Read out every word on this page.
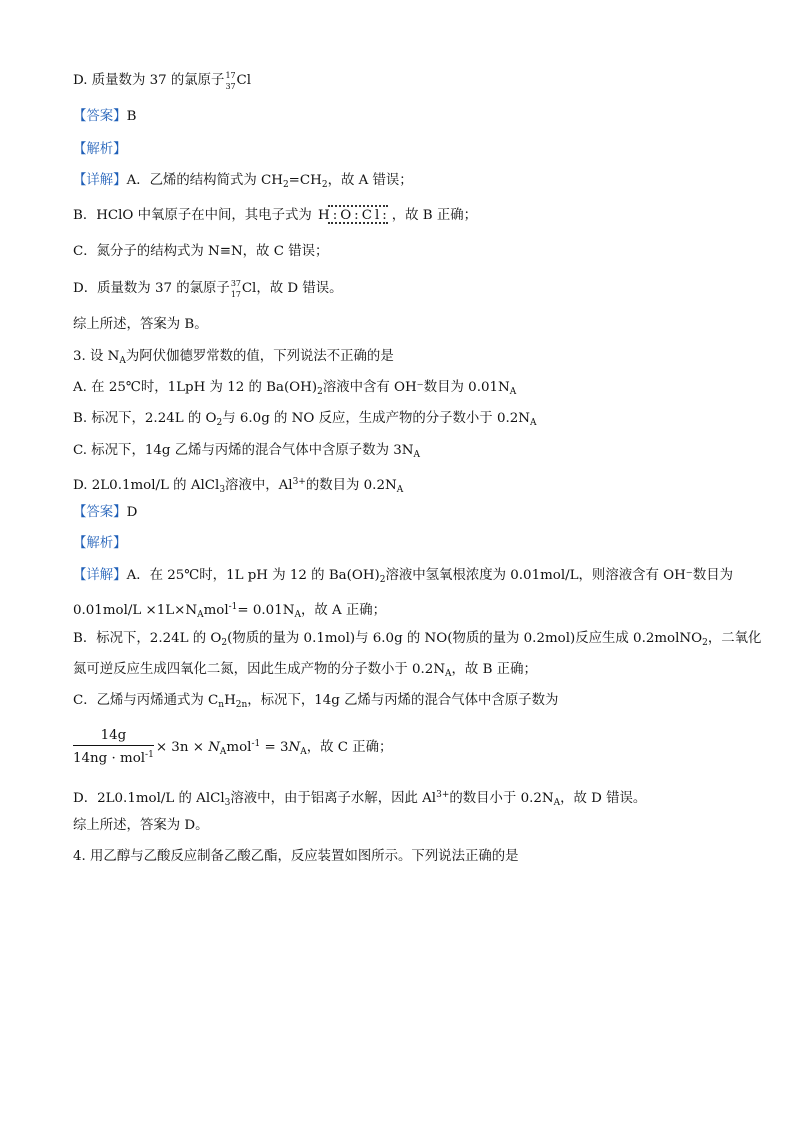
D. 质量数为 37 的氯原子 17
37 Cl
【答案】B
【解析】
【详解】A．乙烯的结构简式为 $CH_2=CH_2$，故 A 错误；
B．HClO 中氧原子在中间，其电子式为
H:O:Cl: ，故 B 正确；
C．氮分子的结构式为 N≡N，故 C 错误；
D．质量数为 37 的氯原子 37
17 Cl，故 D 错误。
综上所述，答案为 B。
3. 设 $N_A$为阿伏伽德罗常数的值，下列说法不正确的是
A. 在 25℃时，1LpH 为 12 的 $Ba(OH)_2$溶液中含有 OH⁻数目为 $0.01N_A$
B. 标况下，2.24L 的 $O_2$与 6.0g 的 NO 反应，生成产物的分子数小于 $0.2N_A$
C. 标况下，14g 乙烯与丙烯的混合气体中含原子数为 $3N_A$
D. 2L0.1mol/L 的 AlCl$_3$溶液中，$Al^{3+}$的数目为 $0.2N_A$
【答案】D
【解析】
【详解】A．在 25℃时，1L pH 为 12 的 $Ba(OH)_2$溶液中氢氧根浓度为 0.01mol/L，则溶液含有 OH⁻数目为
$0.01mol/L \times 1L\times N_Amol^{-1}= 0.01N_A$，故 A 正确；
B．标况下，2.24L 的 $O_2$(物质的量为 0.1mol)与 6.0g 的 NO(物质的量为 0.2mol)反应生成 0.2molNO$_2$，二氧化
氮可逆反应生成四氧化二氮，因此生成产物的分子数小于 $0.2N_A$，故 B 正确；
C．乙烯与丙烯通式为 $C_nH_{2n}$，标况下，14g 乙烯与丙烯的混合气体中含原子数为
$\frac{14g}{14ng \cdot mol^{-1}} \times 3n \times N_Amol^{-1} = 3N_A$，故 C 正确；
D．2L0.1mol/L 的 AlCl$_3$溶液中，由于铝离子水解，因此 $Al^{3+}$的数目小于 $0.2N_A$，故 D 错误。
综上所述，答案为 D。
4. 用乙醇与乙酸反应制备乙酸乙酯，反应装置如图所示。下列说法正确的是
